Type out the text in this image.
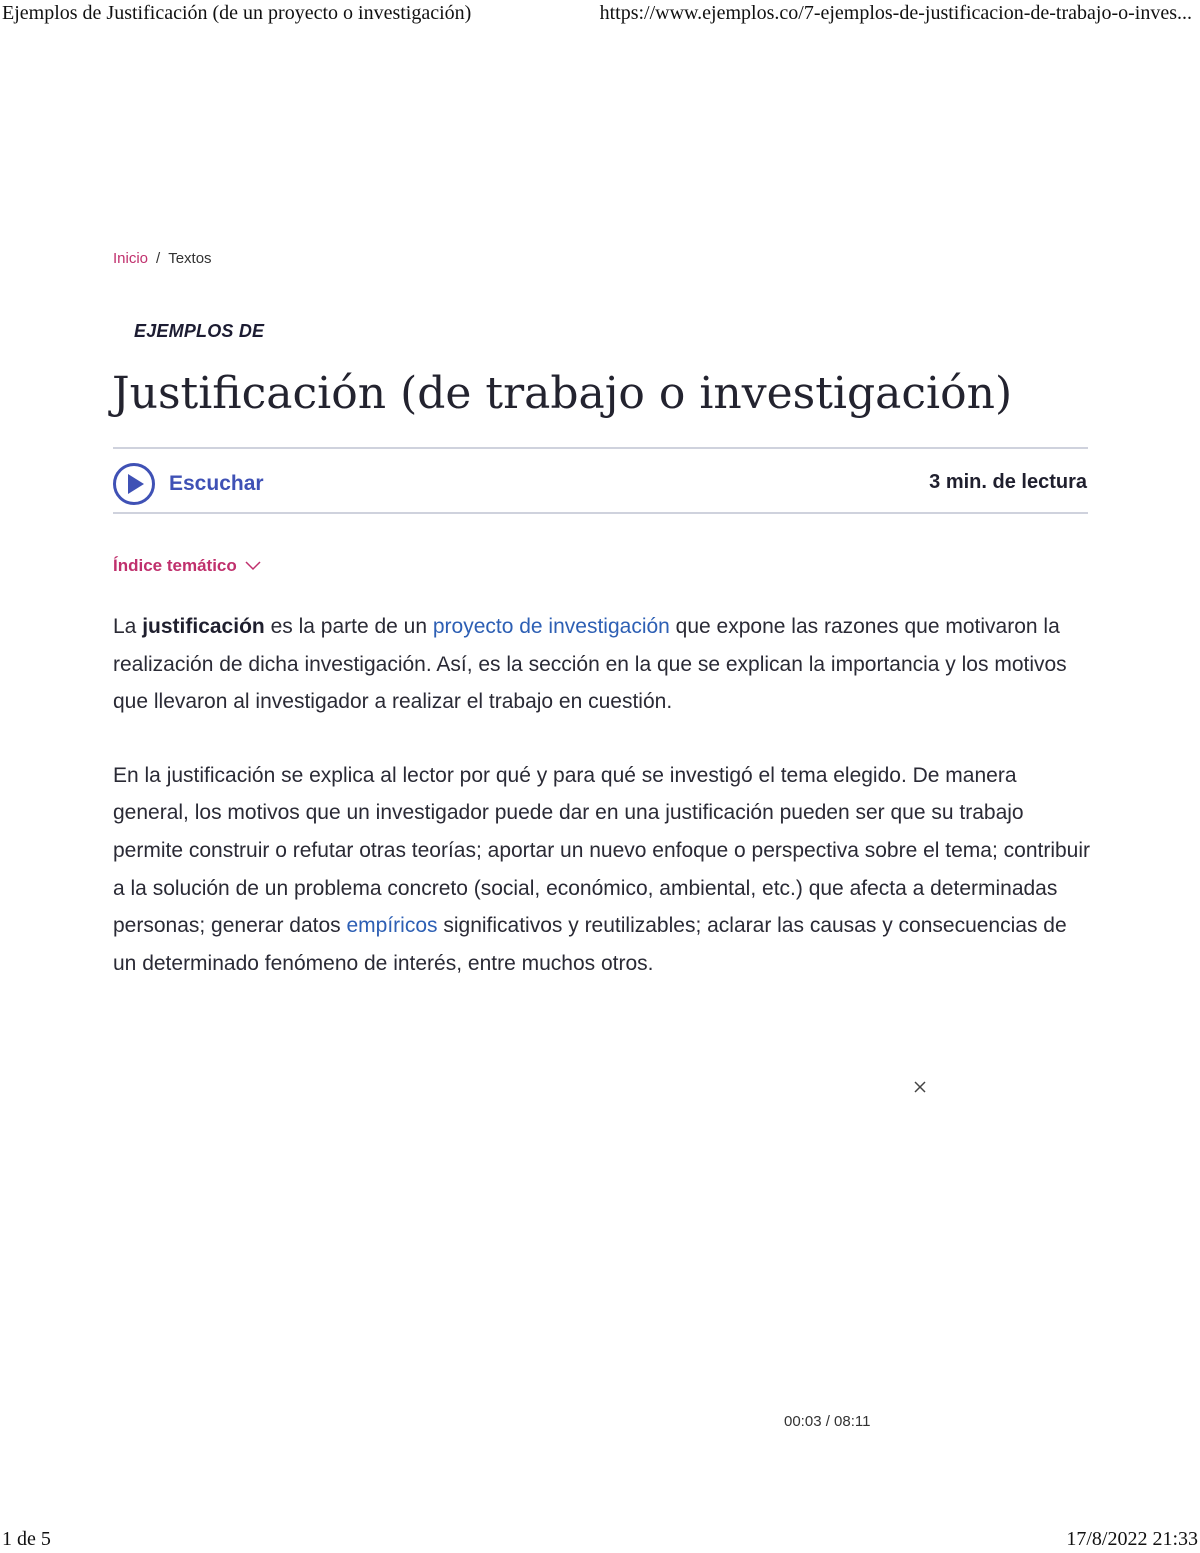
Ejemplos de Justificación (de un proyecto o investigación)	https://www.ejemplos.co/7-ejemplos-de-justificacion-de-trabajo-o-inves...
Inicio / Textos
EJEMPLOS DE
Justificación (de trabajo o investigación)
Escuchar	3 min. de lectura
Índice temático

La justificación es la parte de un proyecto de investigación que expone las razones que motivaron la realización de dicha investigación. Así, es la sección en la que se explican la importancia y los motivos que llevaron al investigador a realizar el trabajo en cuestión.

En la justificación se explica al lector por qué y para qué se investigó el tema elegido. De manera general, los motivos que un investigador puede dar en una justificación pueden ser que su trabajo permite construir o refutar otras teorías; aportar un nuevo enfoque o perspectiva sobre el tema; contribuir a la solución de un problema concreto (social, económico, ambiental, etc.) que afecta a determinadas personas; generar datos empíricos significativos y reutilizables; aclarar las causas y consecuencias de un determinado fenómeno de interés, entre muchos otros.

00:03 / 08:11
1 de 5	17/8/2022 21:33
